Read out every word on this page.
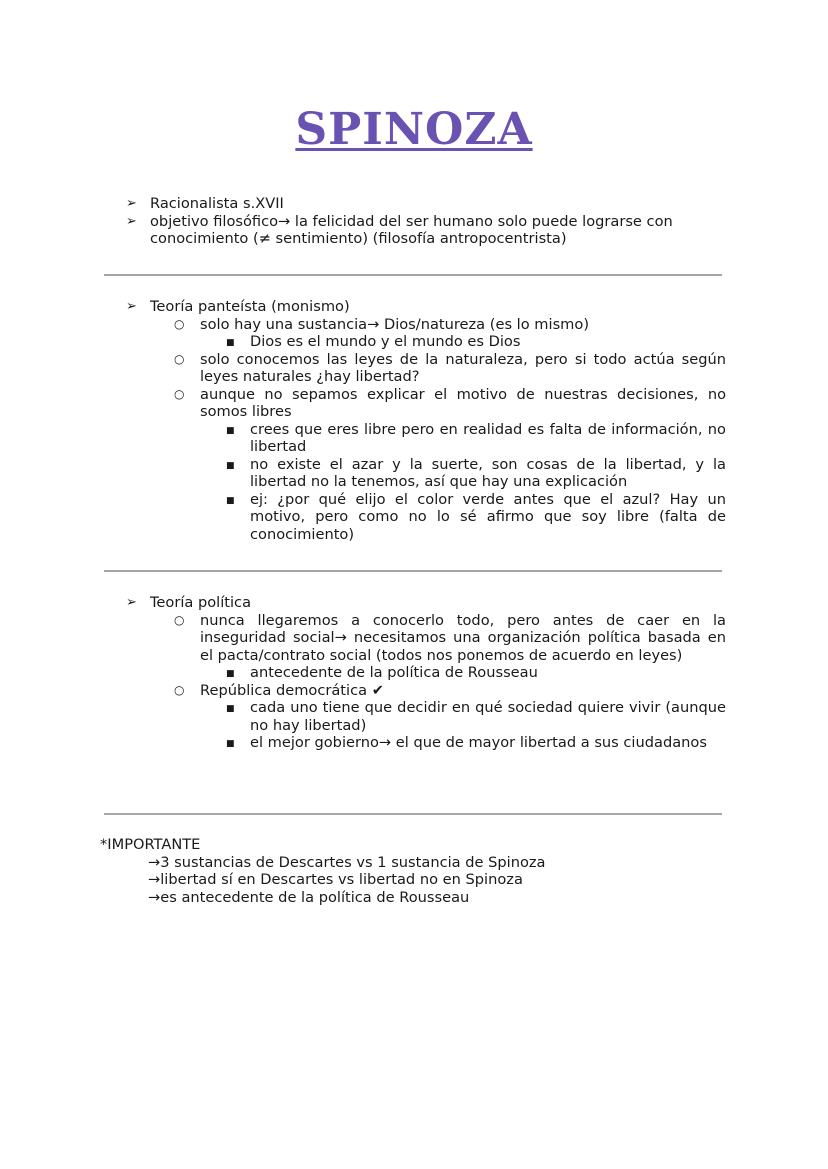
SPINOZA
➢ Racionalista s.XVII
➢ objetivo filosófico→ la felicidad del ser humano solo puede lograrse con conocimiento (≠ sentimiento) (filosofía antropocentrista)
➢ Teoría panteísta (monismo)
○ solo hay una sustancia→ Dios/natureza (es lo mismo)
■ Dios es el mundo y el mundo es Dios
○ solo conocemos las leyes de la naturaleza, pero si todo actúa según leyes naturales ¿hay libertad?
○ aunque no sepamos explicar el motivo de nuestras decisiones, no somos libres
■ crees que eres libre pero en realidad es falta de información, no libertad
■ no existe el azar y la suerte, son cosas de la libertad, y la libertad no la tenemos, así que hay una explicación
■ ej: ¿por qué elijo el color verde antes que el azul? Hay un motivo, pero como no lo sé afirmo que soy libre (falta de conocimiento)
➢ Teoría política
○ nunca llegaremos a conocerlo todo, pero antes de caer en la inseguridad social→ necesitamos una organización política basada en el pacta/contrato social (todos nos ponemos de acuerdo en leyes)
■ antecedente de la política de Rousseau
○ República democrática ✔
■ cada uno tiene que decidir en qué sociedad quiere vivir (aunque no hay libertad)
■ el mejor gobierno→ el que de mayor libertad a sus ciudadanos
*IMPORTANTE
→3 sustancias de Descartes vs 1 sustancia de Spinoza
→libertad sí en Descartes vs libertad no en Spinoza
→es antecedente de la política de Rousseau
